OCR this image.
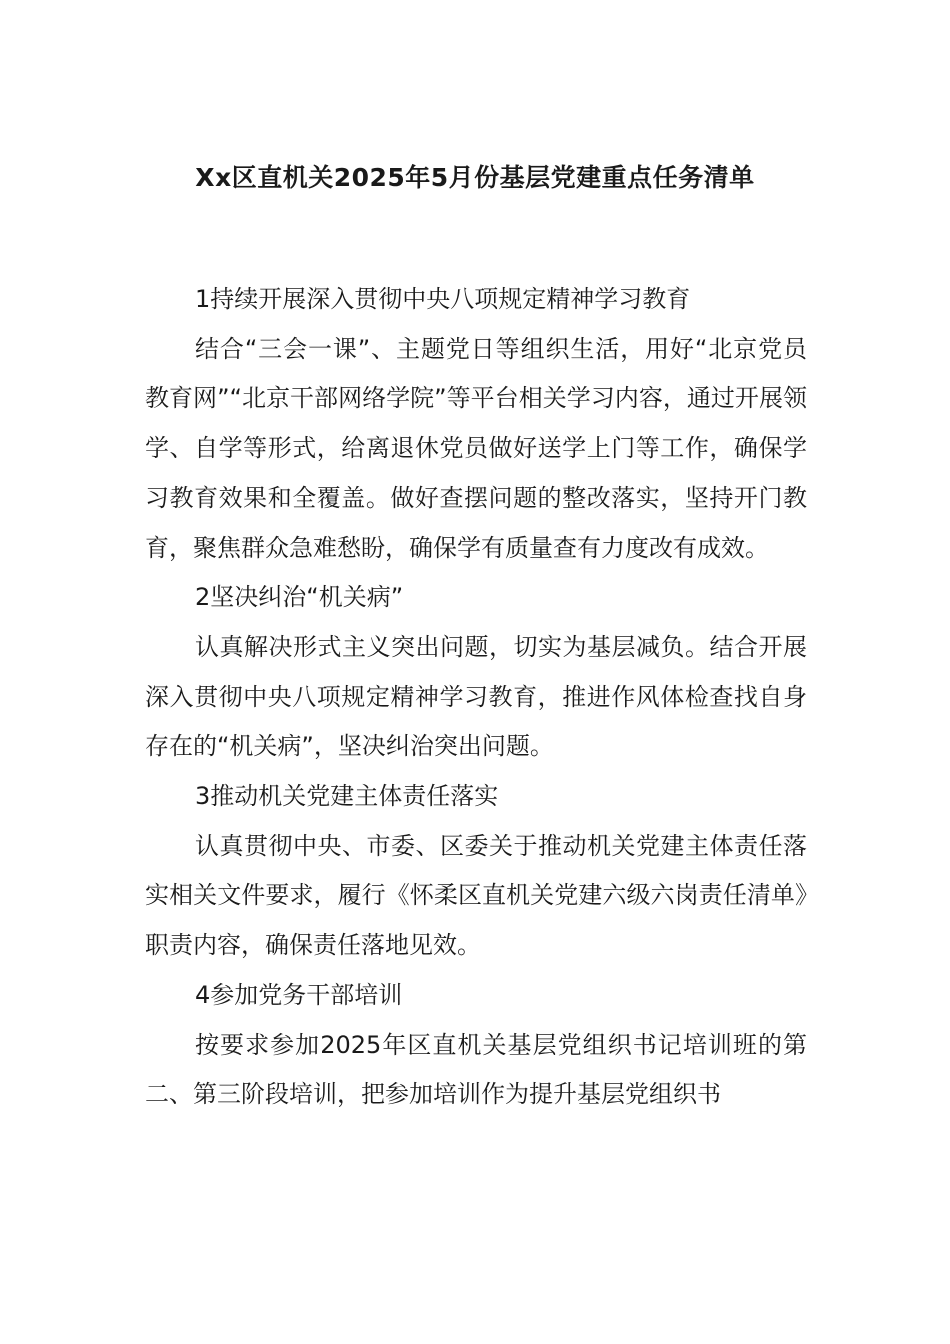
Xx区直机关2025年5月份基层党建重点任务清单

1持续开展深入贯彻中央八项规定精神学习教育

结合“三会一课”、主题党日等组织生活，用好“北京党员教育网”“北京干部网络学院”等平台相关学习内容，通过开展领学、自学等形式，给离退休党员做好送学上门等工作，确保学习教育效果和全覆盖。做好查摆问题的整改落实，坚持开门教育，聚焦群众急难愁盼，确保学有质量查有力度改有成效。

2坚决纠治“机关病”

认真解决形式主义突出问题，切实为基层减负。结合开展深入贯彻中央八项规定精神学习教育，推进作风体检查找自身存在的“机关病”，坚决纠治突出问题。

3推动机关党建主体责任落实

认真贯彻中央、市委、区委关于推动机关党建主体责任落实相关文件要求，履行《怀柔区直机关党建六级六岗责任清单》职责内容，确保责任落地见效。

4参加党务干部培训

按要求参加2025年区直机关基层党组织书记培训班的第二、第三阶段培训，把参加培训作为提升基层党组织书
